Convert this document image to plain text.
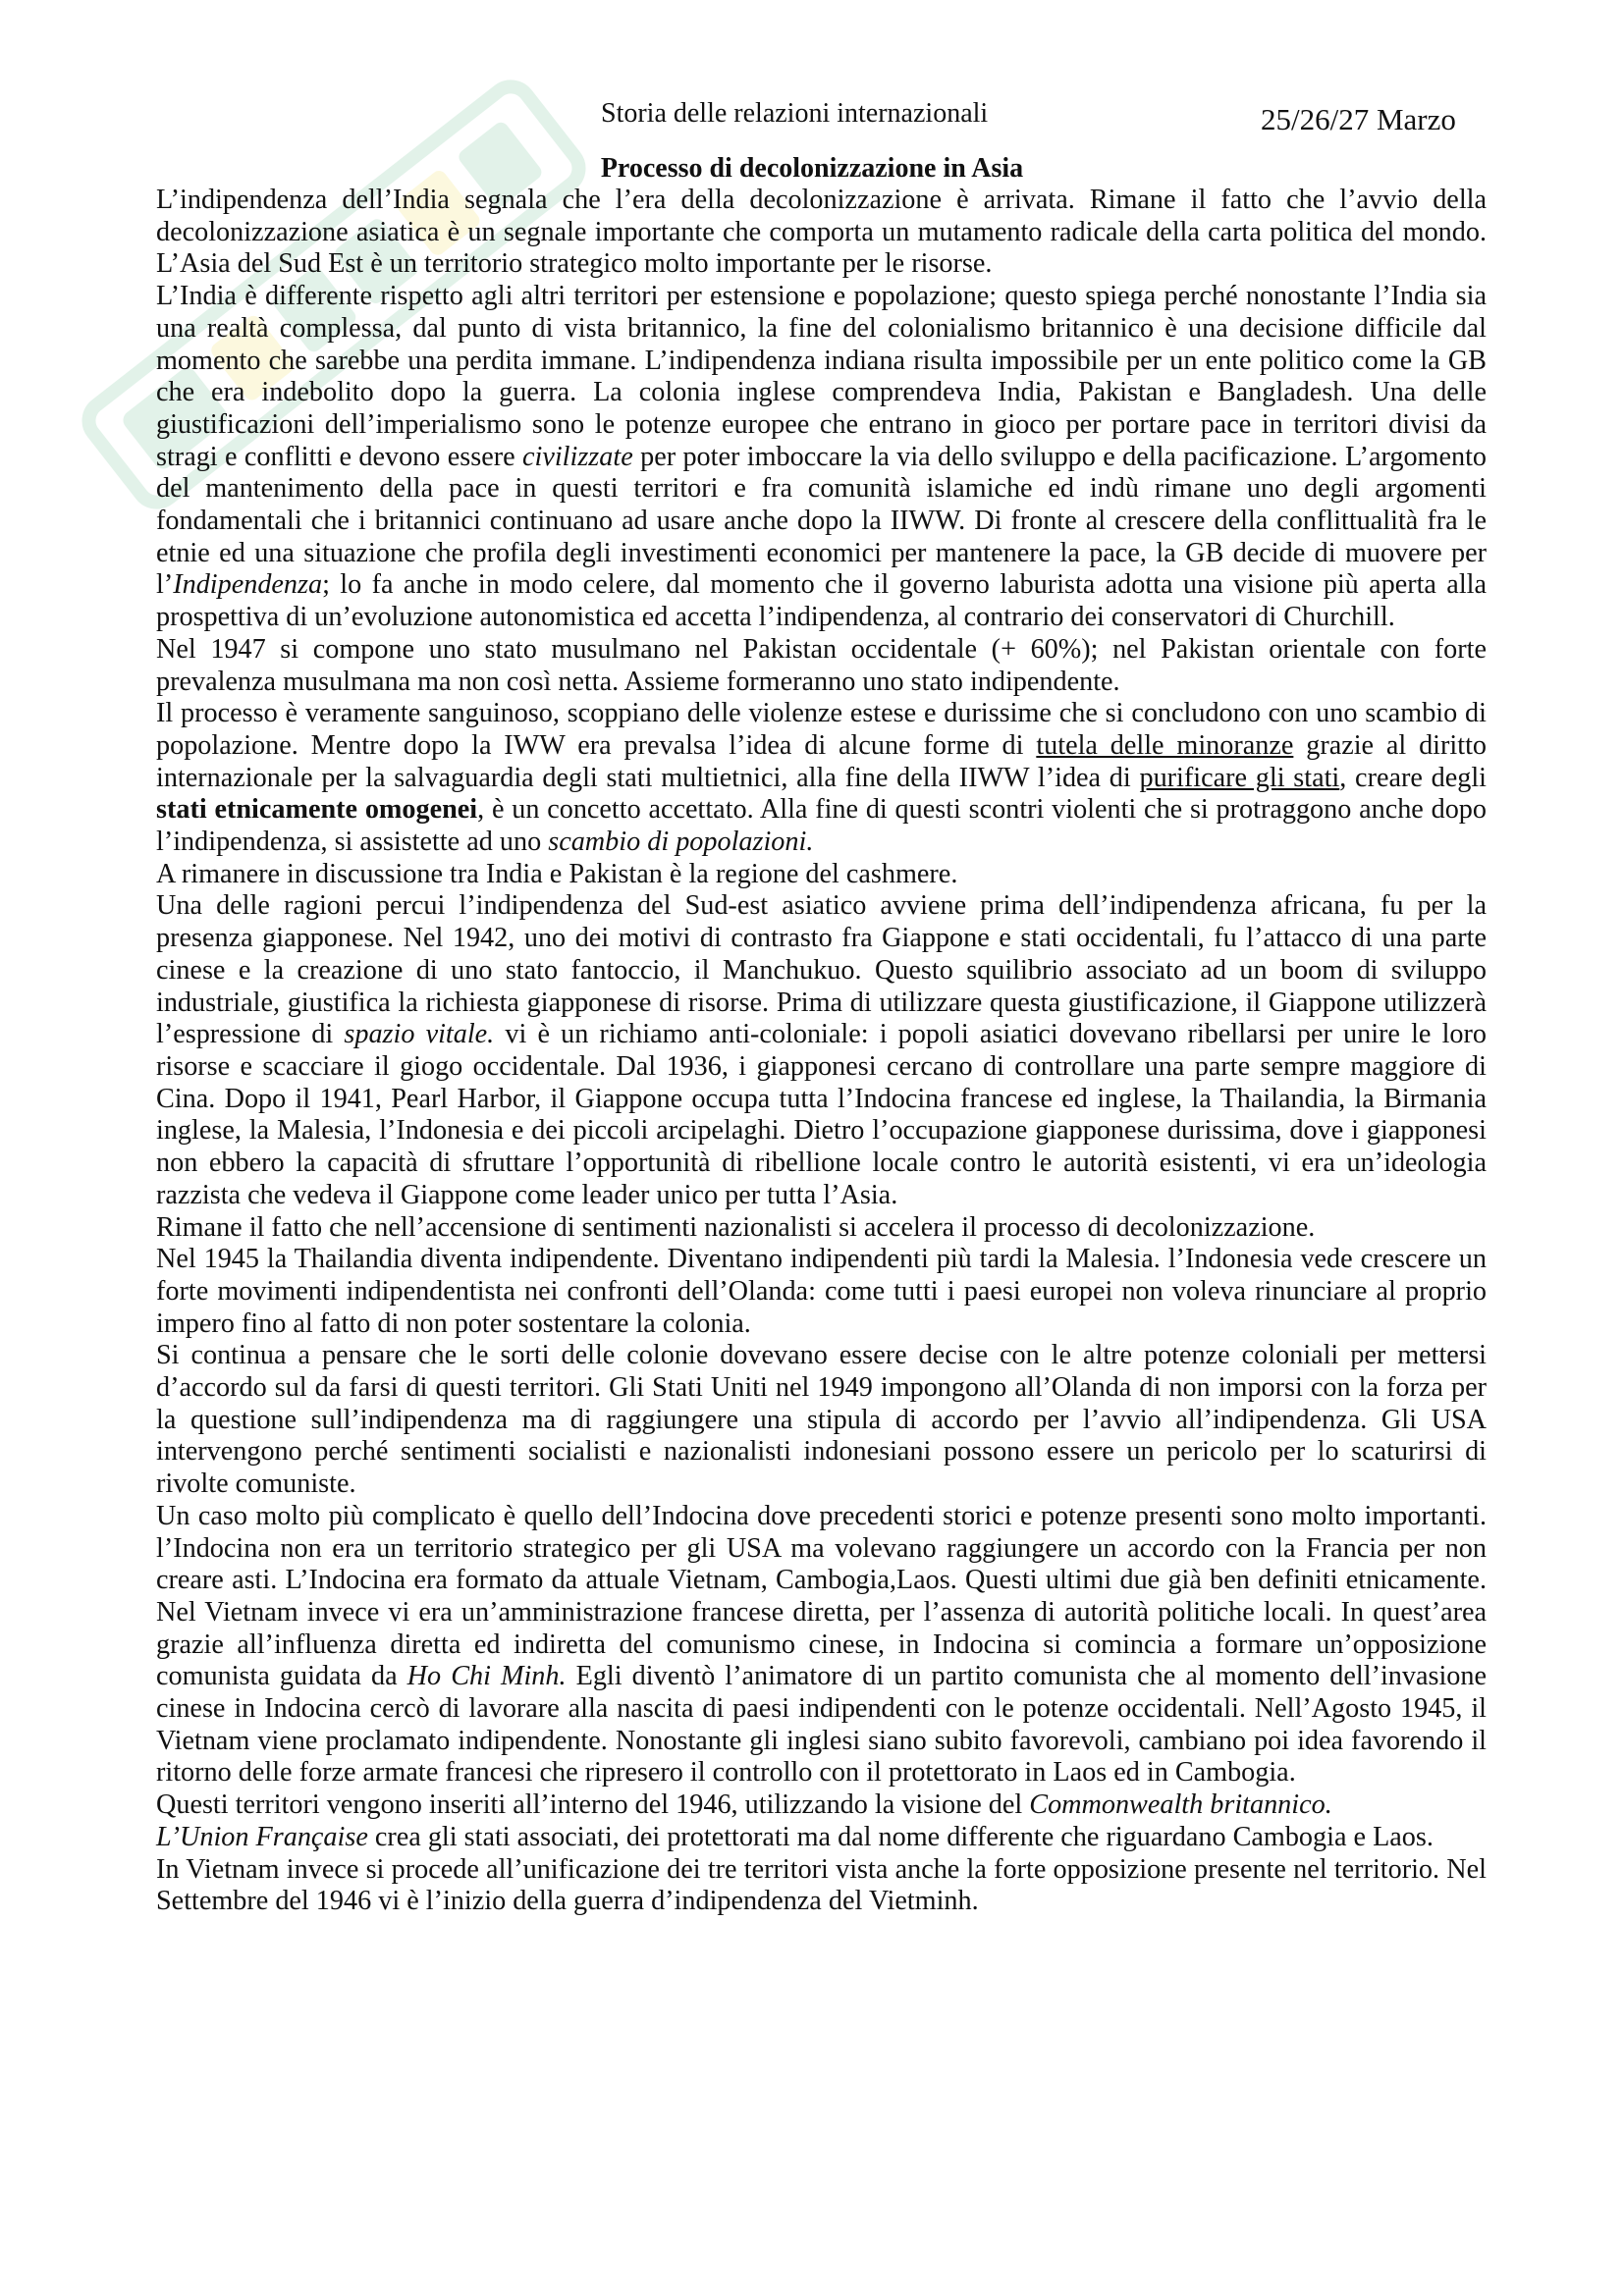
Storia delle relazioni internazionali	25/26/27 Marzo
Processo di decolonizzazione in Asia

L’indipendenza dell’India segnala che l’era della decolonizzazione è arrivata. Rimane il fatto che l’avvio della decolonizzazione asiatica è un segnale importante che comporta un mutamento radicale della carta politica del mondo. L’Asia del Sud Est è un territorio strategico molto importante per le risorse.

L’India è differente rispetto agli altri territori per estensione e popolazione; questo spiega perché nonostante l’India sia una realtà complessa, dal punto di vista britannico, la fine del colonialismo britannico è una decisione difficile dal momento che sarebbe una perdita immane. L’indipendenza indiana risulta impossibile per un ente politico come la GB che era indebolito dopo la guerra. La colonia inglese comprendeva India, Pakistan e Bangladesh. Una delle giustificazioni dell’imperialismo sono le potenze europee che entrano in gioco per portare pace in territori divisi da stragi e conflitti e devono essere civilizzate per poter imboccare la via dello sviluppo e della pacificazione. L’argomento del mantenimento della pace in questi territori e fra comunità islamiche ed indù rimane uno degli argomenti fondamentali che i britannici continuano ad usare anche dopo la IIWW. Di fronte al crescere della conflittualità fra le etnie ed una situazione che profila degli investimenti economici per mantenere la pace, la GB decide di muovere per l’Indipendenza; lo fa anche in modo celere, dal momento che il governo laburista adotta una visione più aperta alla prospettiva di un’evoluzione autonomistica ed accetta l’indipendenza, al contrario dei conservatori di Churchill.

Nel 1947 si compone uno stato musulmano nel Pakistan occidentale (+ 60%); nel Pakistan orientale con forte prevalenza musulmana ma non così netta. Assieme formeranno uno stato indipendente.

Il processo è veramente sanguinoso, scoppiano delle violenze estese e durissime che si concludono con uno scambio di popolazione. Mentre dopo la IWW era prevalsa l’idea di alcune forme di tutela delle minoranze grazie al diritto internazionale per la salvaguardia degli stati multietnici, alla fine della IIWW l’idea di purificare gli stati, creare degli stati etnicamente omogenei, è un concetto accettato. Alla fine di questi scontri violenti che si protraggono anche dopo l’indipendenza, si assistette ad uno scambio di popolazioni.

A rimanere in discussione tra India e Pakistan è la regione del cashmere.

Una delle ragioni percui l’indipendenza del Sud-est asiatico avviene prima dell’indipendenza africana, fu per la presenza giapponese. Nel 1942, uno dei motivi di contrasto fra Giappone e stati occidentali, fu l’attacco di una parte cinese e la creazione di uno stato fantoccio, il Manchukuo. Questo squilibrio associato ad un boom di sviluppo industriale, giustifica la richiesta giapponese di risorse. Prima di utilizzare questa giustificazione, il Giappone utilizzerà l’espressione di spazio vitale. vi è un richiamo anti-coloniale: i popoli asiatici dovevano ribellarsi per unire le loro risorse e scacciare il giogo occidentale. Dal 1936, i giapponesi cercano di controllare una parte sempre maggiore di Cina. Dopo il 1941, Pearl Harbor, il Giappone occupa tutta l’Indocina francese ed inglese, la Thailandia, la Birmania inglese, la Malesia, l’Indonesia e dei piccoli arcipelaghi. Dietro l’occupazione giapponese durissima, dove i giapponesi non ebbero la capacità di sfruttare l’opportunità di ribellione locale contro le autorità esistenti, vi era un’ideologia razzista che vedeva il Giappone come leader unico per tutta l’Asia.

Rimane il fatto che nell’accensione di sentimenti nazionalisti si accelera il processo di decolonizzazione.

Nel 1945 la Thailandia diventa indipendente. Diventano indipendenti più tardi la Malesia. l’Indonesia vede crescere un forte movimenti indipendentista nei confronti dell’Olanda: come tutti i paesi europei non voleva rinunciare al proprio impero fino al fatto di non poter sostentare la colonia.

Si continua a pensare che le sorti delle colonie dovevano essere decise con le altre potenze coloniali per mettersi d’accordo sul da farsi di questi territori. Gli Stati Uniti nel 1949 impongono all’Olanda di non imporsi con la forza per la questione sull’indipendenza ma di raggiungere una stipula di accordo per l’avvio all’indipendenza. Gli USA intervengono perché sentimenti socialisti e nazionalisti indonesiani possono essere un pericolo per lo scaturirsi di rivolte comuniste.

Un caso molto più complicato è quello dell’Indocina dove precedenti storici e potenze presenti sono molto importanti. l’Indocina non era un territorio strategico per gli USA ma volevano raggiungere un accordo con la Francia per non creare asti. L’Indocina era formato da attuale Vietnam, Cambogia,Laos. Questi ultimi due già ben definiti etnicamente. Nel Vietnam invece vi era un’amministrazione francese diretta, per l’assenza di autorità politiche locali. In quest’area grazie all’influenza diretta ed indiretta del comunismo cinese, in Indocina si comincia a formare un’opposizione comunista guidata da Ho Chi Minh. Egli diventò l’animatore di un partito comunista che al momento dell’invasione cinese in Indocina cercò di lavorare alla nascita di paesi indipendenti con le potenze occidentali. Nell’Agosto 1945, il Vietnam viene proclamato indipendente. Nonostante gli inglesi siano subito favorevoli, cambiano poi idea favorendo il ritorno delle forze armate francesi che ripresero il controllo con il protettorato in Laos ed in Cambogia.

Questi territori vengono inseriti all’interno del 1946, utilizzando la visione del Commonwealth britannico.

L’Union Française crea gli stati associati, dei protettorati ma dal nome differente che riguardano Cambogia e Laos.

In Vietnam invece si procede all’unificazione dei tre territori vista anche la forte opposizione presente nel territorio. Nel Settembre del 1946 vi è l’inizio della guerra d’indipendenza del Vietminh.
